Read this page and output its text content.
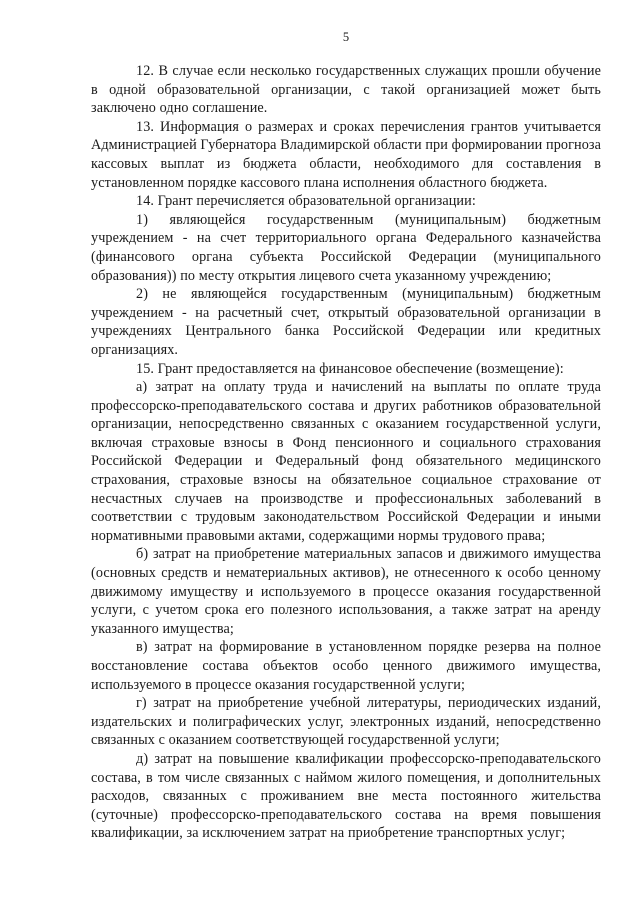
5

12. В случае если несколько государственных служащих прошли обучение в одной образовательной организации, с такой организацией может быть заключено одно соглашение.

13. Информация о размерах и сроках перечисления грантов учитывается Администрацией Губернатора Владимирской области при формировании прогноза кассовых выплат из бюджета области, необходимого для составления в установленном порядке кассового плана исполнения областного бюджета.

14. Грант перечисляется образовательной организации:

1) являющейся государственным (муниципальным) бюджетным учреждением - на счет территориального органа Федерального казначейства (финансового органа субъекта Российской Федерации (муниципального образования)) по месту открытия лицевого счета указанному учреждению;

2) не являющейся государственным (муниципальным) бюджетным учреждением - на расчетный счет, открытый образовательной организации в учреждениях Центрального банка Российской Федерации или кредитных организациях.

15. Грант предоставляется на финансовое обеспечение (возмещение):

а) затрат на оплату труда и начислений на выплаты по оплате труда профессорско-преподавательского состава и других работников образовательной организации, непосредственно связанных с оказанием государственной услуги, включая страховые взносы в Фонд пенсионного и социального страхования Российской Федерации и Федеральный фонд обязательного медицинского страхования, страховые взносы на обязательное социальное страхование от несчастных случаев на производстве и профессиональных заболеваний в соответствии с трудовым законодательством Российской Федерации и иными нормативными правовыми актами, содержащими нормы трудового права;

б) затрат на приобретение материальных запасов и движимого имущества (основных средств и нематериальных активов), не отнесенного к особо ценному движимому имуществу и используемого в процессе оказания государственной услуги, с учетом срока его полезного использования, а также затрат на аренду указанного имущества;

в) затрат на формирование в установленном порядке резерва на полное восстановление состава объектов особо ценного движимого имущества, используемого в процессе оказания государственной услуги;

г) затрат на приобретение учебной литературы, периодических изданий, издательских и полиграфических услуг, электронных изданий, непосредственно связанных с оказанием соответствующей государственной услуги;

д) затрат на повышение квалификации профессорско-преподавательского состава, в том числе связанных с наймом жилого помещения, и дополнительных расходов, связанных с проживанием вне места постоянного жительства (суточные) профессорско-преподавательского состава на время повышения квалификации, за исключением затрат на приобретение транспортных услуг;
